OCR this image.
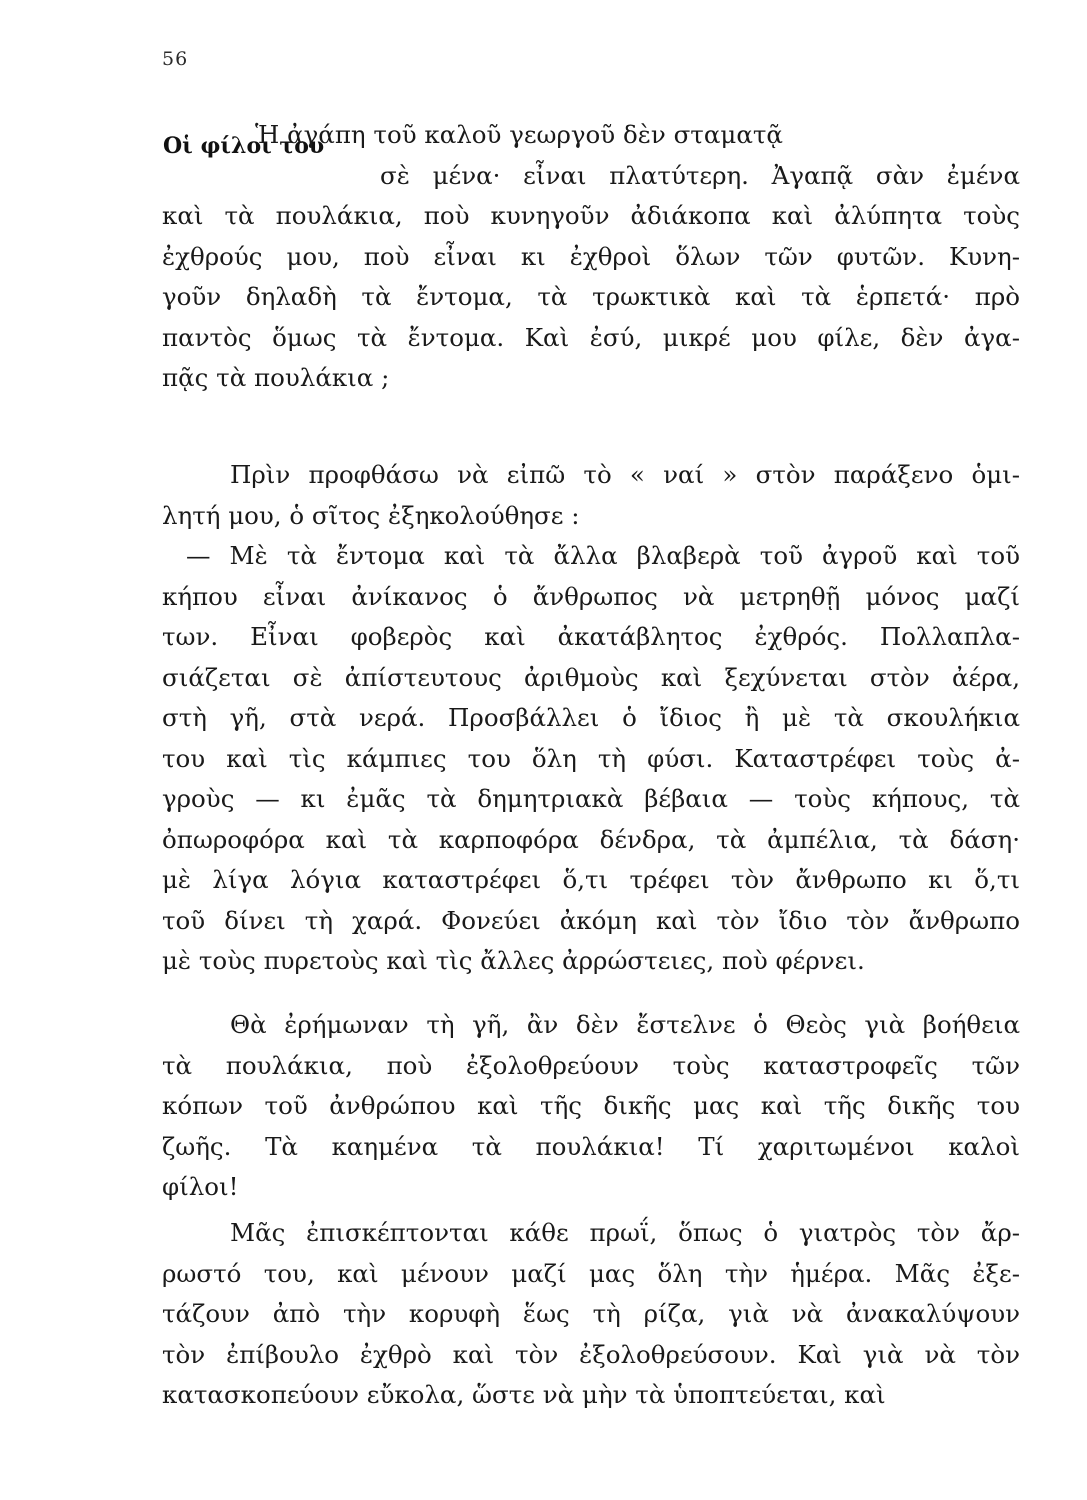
56
Οἱ φίλοι του
Ἡ ἀγάπη τοῦ καλοῦ γεωργοῦ δὲν σταματᾷ
σὲ μένα· εἶναι πλατύτερη. Ἀγαπᾷ σὰν ἐμένα
καὶ τὰ πουλάκια, ποὺ κυνηγοῦν ἀδιάκοπα καὶ ἀλύπητα τοὺς
ἐχθρούς μου, ποὺ εἶναι κι ἐχθροὶ ὅλων τῶν φυτῶν. Κυνη-
γοῦν δηλαδὴ τὰ ἔντομα, τὰ τρωκτικὰ καὶ τὰ ἑρπετά· πρὸ
παντὸς ὅμως τὰ ἔντομα. Καὶ ἐσύ, μικρέ μου φίλε, δὲν ἀγα-
πᾷς τὰ πουλάκια ;
Πρὶν προφθάσω νὰ εἰπῶ τὸ « ναί » στὸν παράξενο ὁμι-
λητή μου, ὁ σῖτος ἐξηκολούθησε :
— Μὲ τὰ ἔντομα καὶ τὰ ἄλλα βλαβερὰ τοῦ ἀγροῦ καὶ τοῦ
κήπου εἶναι ἀνίκανος ὁ ἄνθρωπος νὰ μετρηθῇ μόνος μαζί
των. Εἶναι φοβερὸς καὶ ἀκατάβλητος ἐχθρός. Πολλαπλα-
σιάζεται σὲ ἀπίστευτους ἀριθμοὺς καὶ ξεχύνεται στὸν ἀέρα,
στὴ γῆ, στὰ νερά. Προσβάλλει ὁ ἴδιος ἢ μὲ τὰ σκουλήκια
του καὶ τὶς κάμπιες του ὅλη τὴ φύσι. Καταστρέφει τοὺς ἀ-
γροὺς — κι ἐμᾶς τὰ δημητριακὰ βέβαια — τοὺς κήπους, τὰ
ὀπωροφόρα καὶ τὰ καρποφόρα δένδρα, τὰ ἀμπέλια, τὰ δάση·
μὲ λίγα λόγια καταστρέφει ὅ,τι τρέφει τὸν ἄνθρωπο κι ὅ,τι
τοῦ δίνει τὴ χαρά. Φονεύει ἀκόμη καὶ τὸν ἴδιο τὸν ἄνθρωπο
μὲ τοὺς πυρετοὺς καὶ τὶς ἄλλες ἀρρώστειες, ποὺ φέρνει.
Θὰ ἐρήμωναν τὴ γῆ, ἂν δὲν ἔστελνε ὁ Θεὸς γιὰ βοήθεια
τὰ πουλάκια, ποὺ ἐξολοθρεύουν τοὺς καταστροφεῖς τῶν
κόπων τοῦ ἀνθρώπου καὶ τῆς δικῆς μας καὶ τῆς δικῆς του
ζωῆς. Τὰ καημένα τὰ πουλάκια! Τί χαριτωμένοι καλοὶ
φίλοι!
Μᾶς ἐπισκέπτονται κάθε πρωΐ, ὅπως ὁ γιατρὸς τὸν ἄρ-
ρωστό του, καὶ μένουν μαζί μας ὅλη τὴν ἡμέρα. Μᾶς ἐξε-
τάζουν ἀπὸ τὴν κορυφὴ ἕως τὴ ρίζα, γιὰ νὰ ἀνακαλύψουν
τὸν ἐπίβουλο ἐχθρὸ καὶ τὸν ἐξολοθρεύσουν. Καὶ γιὰ νὰ τὸν
κατασκοπεύουν εὔκολα, ὥστε νὰ μὴν τὰ ὑποπτεύεται, καὶ
